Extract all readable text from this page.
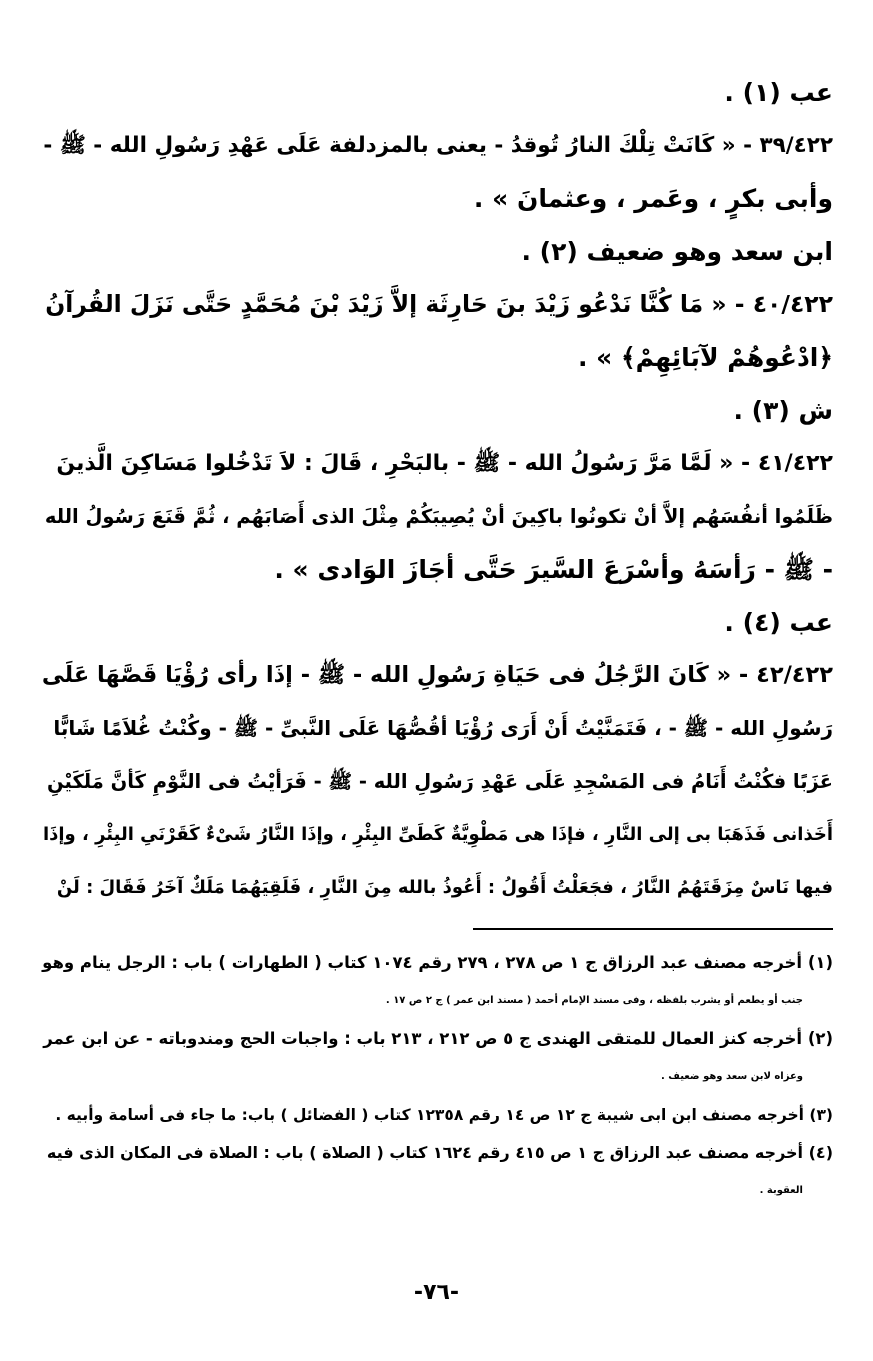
عب (١) .
٣٩/٤٢٢ - « كَانَتْ تِلْكَ النارُ تُوقدُ - يعنى بالمزدلفة عَلَى عَهْدِ رَسُولِ الله - ﷺ -
وأبى بكرٍ ، وعَمر ، وعثمانَ » .
ابن سعد وهو ضعيف (٢) .
٤٠/٤٢٢ - « مَا كُنَّا نَدْعُو زَيْدَ بنَ حَارِثَة إلاَّ زَيْدَ بْنَ مُحَمَّدٍ حَتَّى نَزَلَ القُرآنُ
﴿ادْعُوهُمْ لآبَائِهِمْ﴾ » .
ش (٣) .
٤١/٤٢٢ - « لَمَّا مَرَّ رَسُولُ الله - ﷺ - بالبَحْرِ ، قَالَ : لاَ تَدْخُلوا مَسَاكِنَ الَّذينَ
ظَلَمُوا أنفُسَهُم إلاَّ أنْ تكونُوا باكِينَ أنْ يُصِيبَكُمْ مِثْلَ الذى أَصَابَهُم ، ثُمَّ قَنَعَ رَسُولُ الله
- ﷺ - رَأسَهُ وأسْرَعَ السَّيرَ حَتَّى أجَازَ الوَادى » .
عب (٤) .
٤٢/٤٢٢ - « كَانَ الرَّجُلُ فى حَيَاةِ رَسُولِ الله - ﷺ - إذَا رأى رُؤْيَا قَصَّهَا عَلَى
رَسُولِ الله - ﷺ - ، فَتَمَنَّيْتُ أَنْ أَرَى رُؤْيَا أقُصُّهَا عَلَى النَّبىِّ - ﷺ - وكُنْتُ غُلاَمًا شَابًّا
عَزَبًا فكُنْتُ أَنَامُ فى المَسْجِدِ عَلَى عَهْدِ رَسُولِ الله - ﷺ - فَرَأيْتُ فى النَّوْمِ كَأنَّ مَلَكَيْنِ
أَخَذانى فَذَهَبَا بى إلى النَّارِ ، فإذَا هى مَطْوِيَّةٌ كَطَىِّ البِئْرِ ، وإذَا النَّارُ شَىْءٌ كَقَرْنَىِ البِئْرِ ، وإذَا
فيها نَاسٌ مِزَقَتَهُمُ النَّارُ ، فجَعَلْتُ أَقُولُ : أَعُوذُ بالله مِنَ النَّارِ ، فَلَقِيَهُمَا مَلَكٌ آخَرُ فَقَالَ : لَنْ
(١) أخرجه مصنف عبد الرزاق ج ١ ص ٢٧٨ ، ٢٧٩ رقم ١٠٧٤ كتاب ( الطهارات ) باب : الرجل ينام وهو
جنب أو يطعم أو يشرب بلفظه ، وفى مسند الإمام أحمد ( مسند ابن عمر ) ج ٢ ص ١٧ .
(٢) أخرجه كنز العمال للمتقى الهندى ج ٥ ص ٢١٢ ، ٢١٣ باب : واجبات الحج ومندوباته - عن ابن عمر
وعزاه لابن سعد وهو ضعيف .
(٣) أخرجه مصنف ابن ابى شيبة ج ١٢ ص ١٤ رقم ١٢٣٥٨ كتاب ( الفضائل ) باب: ما جاء فى أسامة وأبيه .
(٤) أخرجه مصنف عبد الرزاق ج ١ ص ٤١٥ رقم ١٦٢٤ كتاب ( الصلاة ) باب : الصلاة فى المكان الذى فيه
العقوبة .
-٧٦-
